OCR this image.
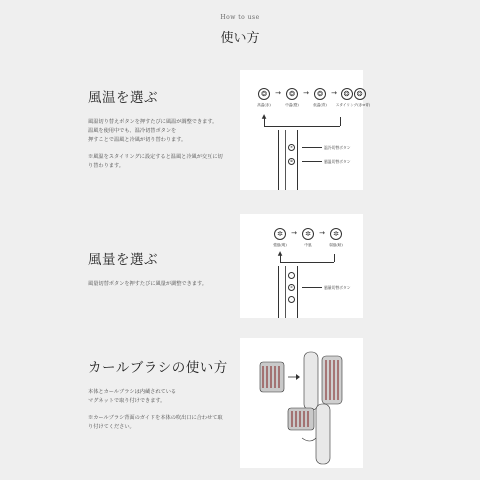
How to use
使い方
風温を選ぶ

風温切り替えボタンを押すたびに風温が調整できます。
温風を使用中でも、温冷切替ボタンを
押すことで温風と冷風が切り替わります。

※風温をスタイリングに設定すると温風と冷風が交互に切
り替わります。

❂
高温(赤)
→	❂
中温(橙)
→	❂
低温(青)
→ ❂	❂
スタイリング(赤⇔青)
▲
❄
❂
温冷切替ボタン
風温切替ボタン
風量を選ぶ

風量切替ボタンを押すたびに風量が調整できます。

✲
強風(明)
→	✲
中風
→	✲
弱風(暗)
▲
·
✲
·
風量切替ボタン
カールブラシの使い方

本体とカールブラシは内蔵されている
マグネットで取り付けできます。

※カールブラシ背面のガイドを本体の吹出口に合わせて取
り付けてください。
